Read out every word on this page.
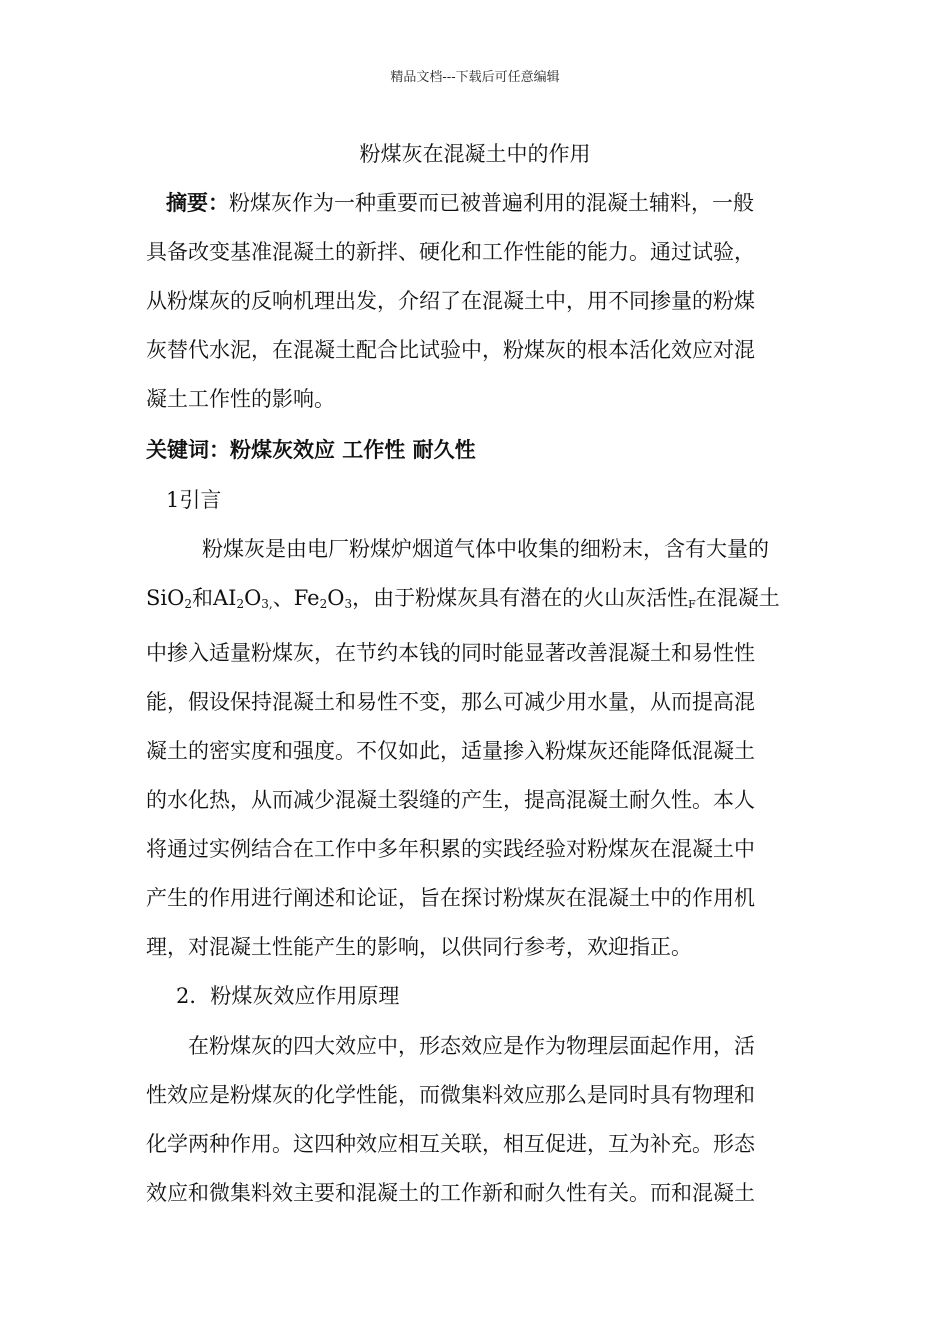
精品文档---下载后可任意编辑
粉煤灰在混凝土中的作用
摘要：粉煤灰作为一种重要而已被普遍利用的混凝土辅料，一般
具备改变基准混凝土的新拌、硬化和工作性能的能力。通过试验，
从粉煤灰的反响机理出发，介绍了在混凝土中，用不同掺量的粉煤
灰替代水泥，在混凝土配合比试验中，粉煤灰的根本活化效应对混
凝土工作性的影响。
关键词：粉煤灰效应 工作性 耐久性
1引言
粉煤灰是由电厂粉煤炉烟道气体中收集的细粉末，含有大量的
SiO$_2$和$AI_2O_{3,}$、$Fe_2O_3$，由于粉煤灰具有潜在的火山灰活性F在混凝土
中掺入适量粉煤灰，在节约本钱的同时能显著改善混凝土和易性性
能，假设保持混凝土和易性不变，那么可减少用水量，从而提高混
凝土的密实度和强度。不仅如此，适量掺入粉煤灰还能降低混凝土
的水化热，从而减少混凝土裂缝的产生，提高混凝土耐久性。本人
将通过实例结合在工作中多年积累的实践经验对粉煤灰在混凝土中
产生的作用进行阐述和论证，旨在探讨粉煤灰在混凝土中的作用机
理，对混凝土性能产生的影响，以供同行参考，欢迎指正。
2．粉煤灰效应作用原理
在粉煤灰的四大效应中，形态效应是作为物理层面起作用，活
性效应是粉煤灰的化学性能，而微集料效应那么是同时具有物理和
化学两种作用。这四种效应相互关联，相互促进，互为补充。形态
效应和微集料效主要和混凝土的工作新和耐久性有关。而和混凝土
